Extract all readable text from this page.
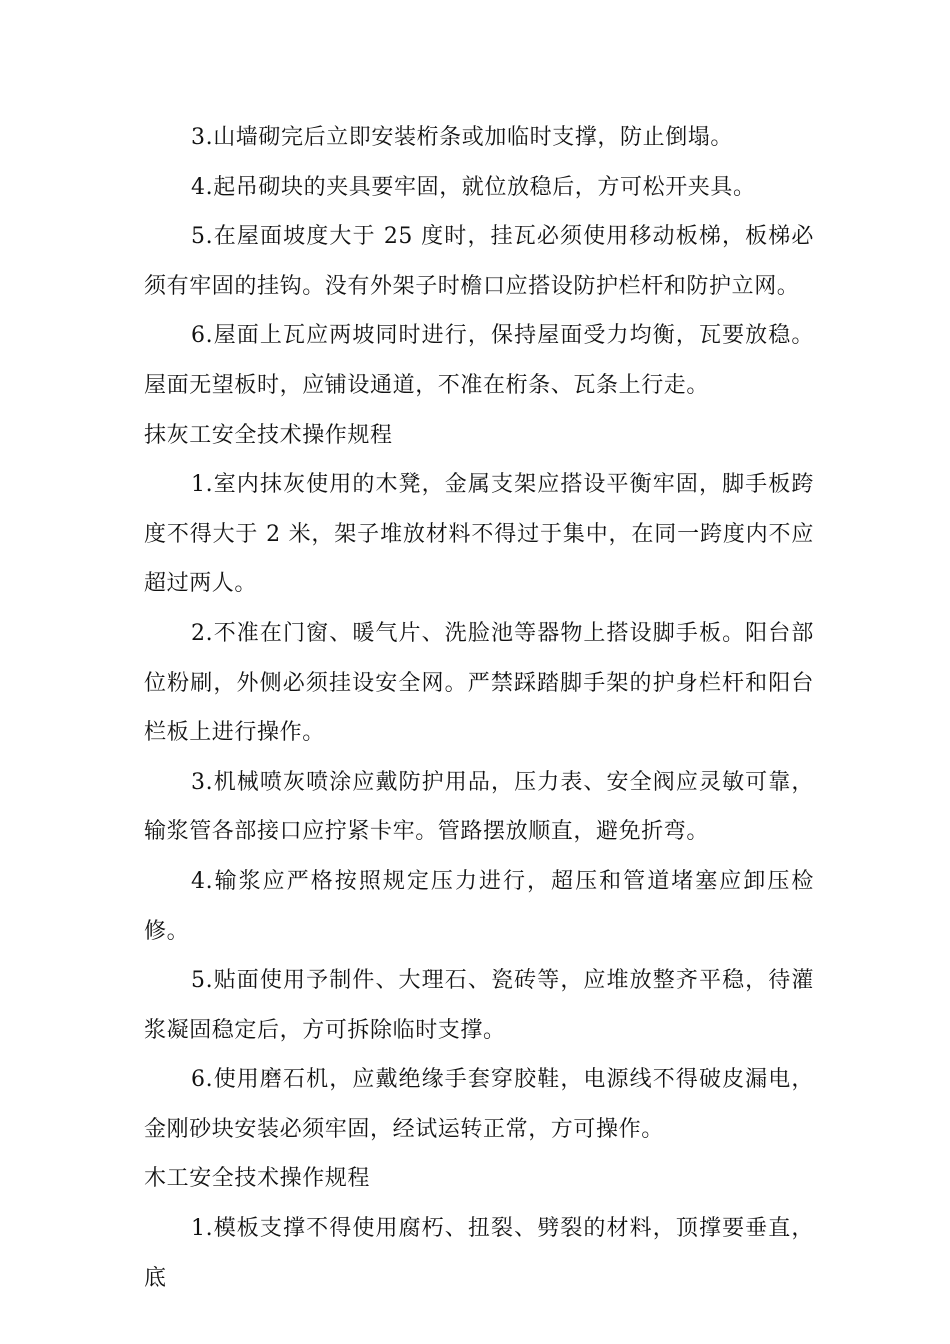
3.山墙砌完后立即安装桁条或加临时支撑，防止倒塌。

4.起吊砌块的夹具要牢固，就位放稳后，方可松开夹具。

5.在屋面坡度大于 25 度时，挂瓦必须使用移动板梯，板梯必须有牢固的挂钩。没有外架子时檐口应搭设防护栏杆和防护立网。

6.屋面上瓦应两坡同时进行，保持屋面受力均衡，瓦要放稳。屋面无望板时，应铺设通道，不准在桁条、瓦条上行走。

抹灰工安全技术操作规程

1.室内抹灰使用的木凳，金属支架应搭设平衡牢固，脚手板跨度不得大于 2 米，架子堆放材料不得过于集中，在同一跨度内不应超过两人。

2.不准在门窗、暖气片、洗脸池等器物上搭设脚手板。阳台部位粉刷，外侧必须挂设安全网。严禁踩踏脚手架的护身栏杆和阳台栏板上进行操作。

3.机械喷灰喷涂应戴防护用品，压力表、安全阀应灵敏可靠，输浆管各部接口应拧紧卡牢。管路摆放顺直，避免折弯。

4.输浆应严格按照规定压力进行，超压和管道堵塞应卸压检修。

5.贴面使用予制件、大理石、瓷砖等，应堆放整齐平稳，待灌浆凝固稳定后，方可拆除临时支撑。

6.使用磨石机，应戴绝缘手套穿胶鞋，电源线不得破皮漏电，金刚砂块安装必须牢固，经试运转正常，方可操作。

木工安全技术操作规程

1.模板支撑不得使用腐朽、扭裂、劈裂的材料，顶撑要垂直，底
